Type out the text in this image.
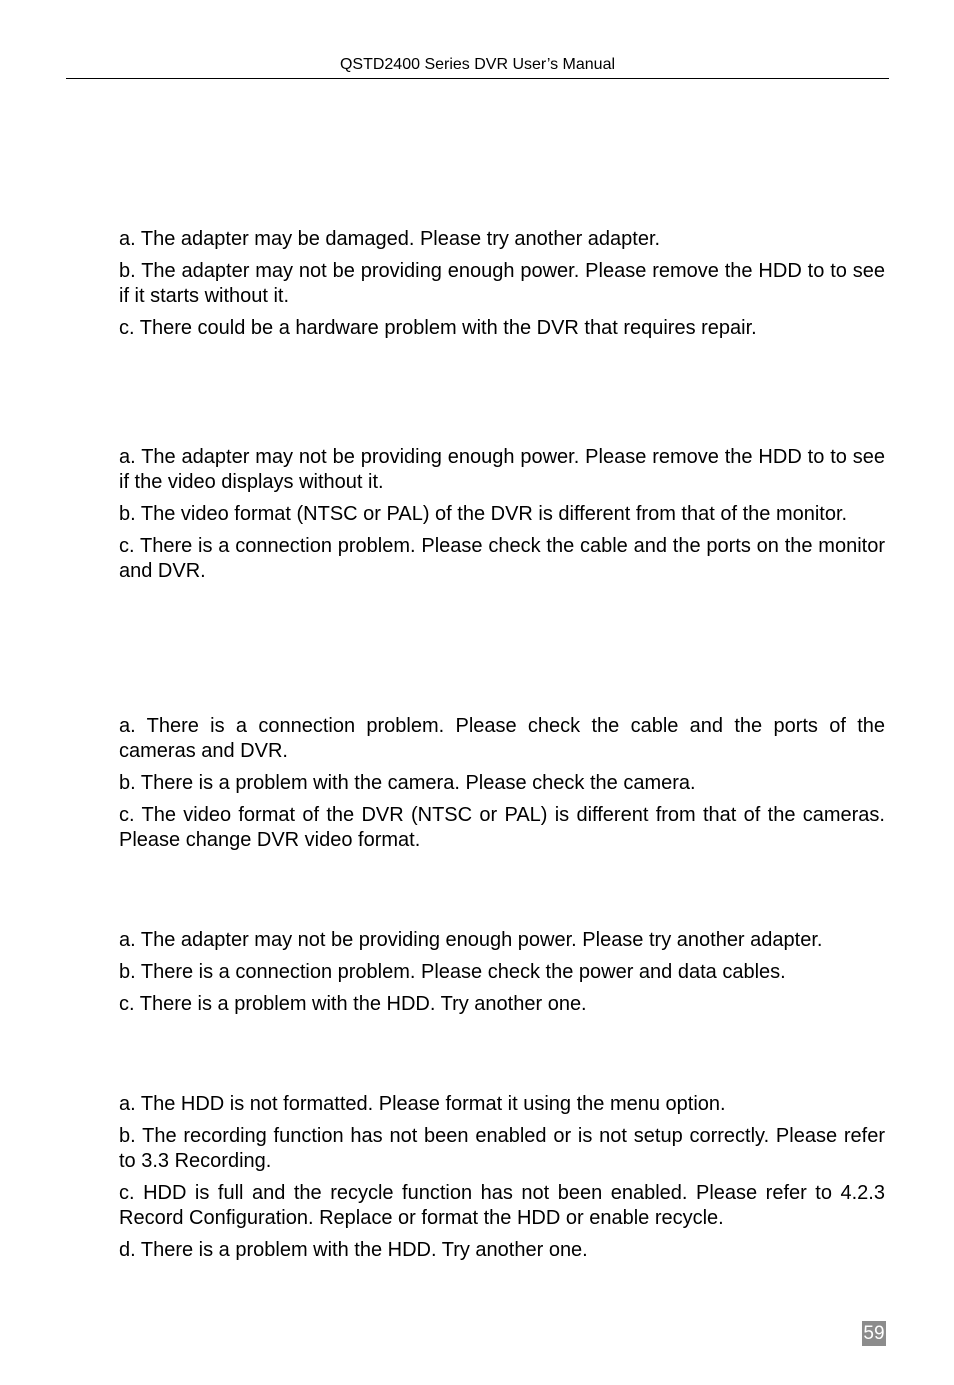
QSTD2400 Series DVR User’s Manual

a. The adapter may be damaged. Please try another adapter.

b. The adapter may not be providing enough power. Please remove the HDD to to see if it starts without it.

c. There could be a hardware problem with the DVR that requires repair.

a. The adapter may not be providing enough power. Please remove the HDD to to see if the video displays without it.

b. The video format (NTSC or PAL) of the DVR is different from that of the monitor.

c. There is a connection problem. Please check the cable and the ports on the monitor and DVR.

a. There is a connection problem. Please check the cable and the ports of the cameras and DVR.

b. There is a problem with the camera. Please check the camera.

c. The video format of the DVR (NTSC or PAL) is different from that of the cameras. Please change DVR video format.

a. The adapter may not be providing enough power. Please try another adapter.

b. There is a connection problem. Please check the power and data cables.

c. There is a problem with the HDD. Try another one.

a. The HDD is not formatted. Please format it using the menu option.

b. The recording function has not been enabled or is not setup correctly. Please refer to 3.3 Recording.

c. HDD is full and the recycle function has not been enabled. Please refer to 4.2.3 Record Configuration. Replace or format the HDD or enable recycle.

d. There is a problem with the HDD. Try another one.

59
